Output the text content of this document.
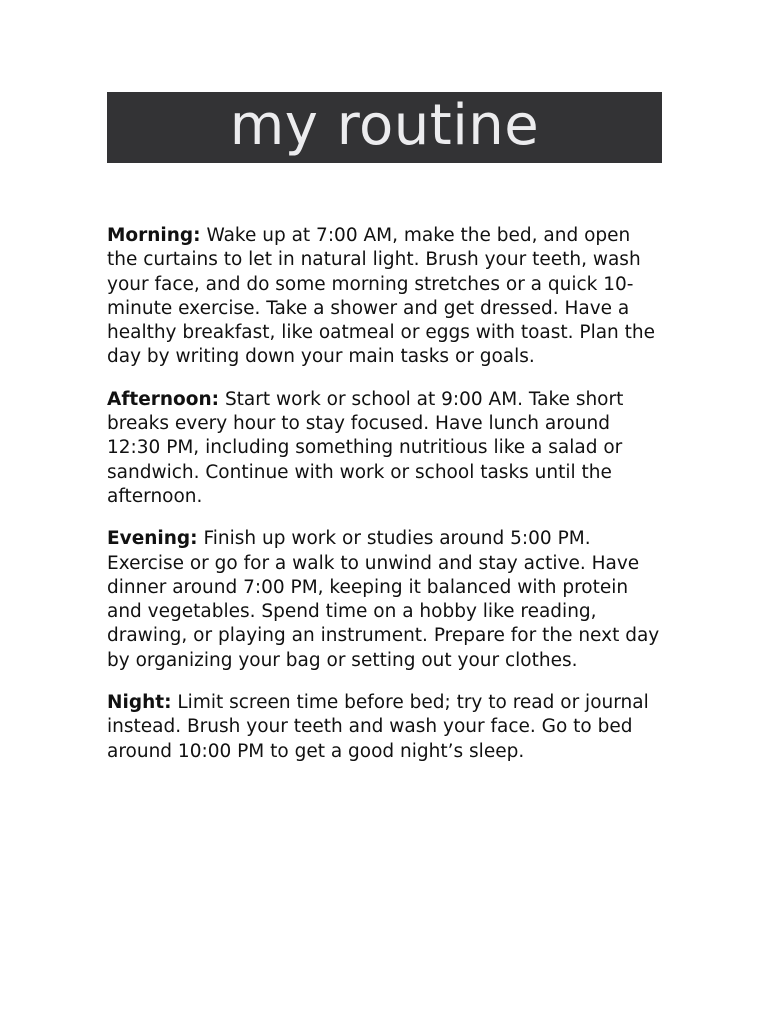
my routine

Morning: Wake up at 7:00 AM, make the bed, and open the curtains to let in natural light. Brush your teeth, wash your face, and do some morning stretches or a quick 10-minute exercise. Take a shower and get dressed. Have a healthy breakfast, like oatmeal or eggs with toast. Plan the day by writing down your main tasks or goals.

Afternoon: Start work or school at 9:00 AM. Take short breaks every hour to stay focused. Have lunch around 12:30 PM, including something nutritious like a salad or sandwich. Continue with work or school tasks until the afternoon.

Evening: Finish up work or studies around 5:00 PM. Exercise or go for a walk to unwind and stay active. Have dinner around 7:00 PM, keeping it balanced with protein and vegetables. Spend time on a hobby like reading, drawing, or playing an instrument. Prepare for the next day by organizing your bag or setting out your clothes.

Night: Limit screen time before bed; try to read or journal instead. Brush your teeth and wash your face. Go to bed around 10:00 PM to get a good night’s sleep.
